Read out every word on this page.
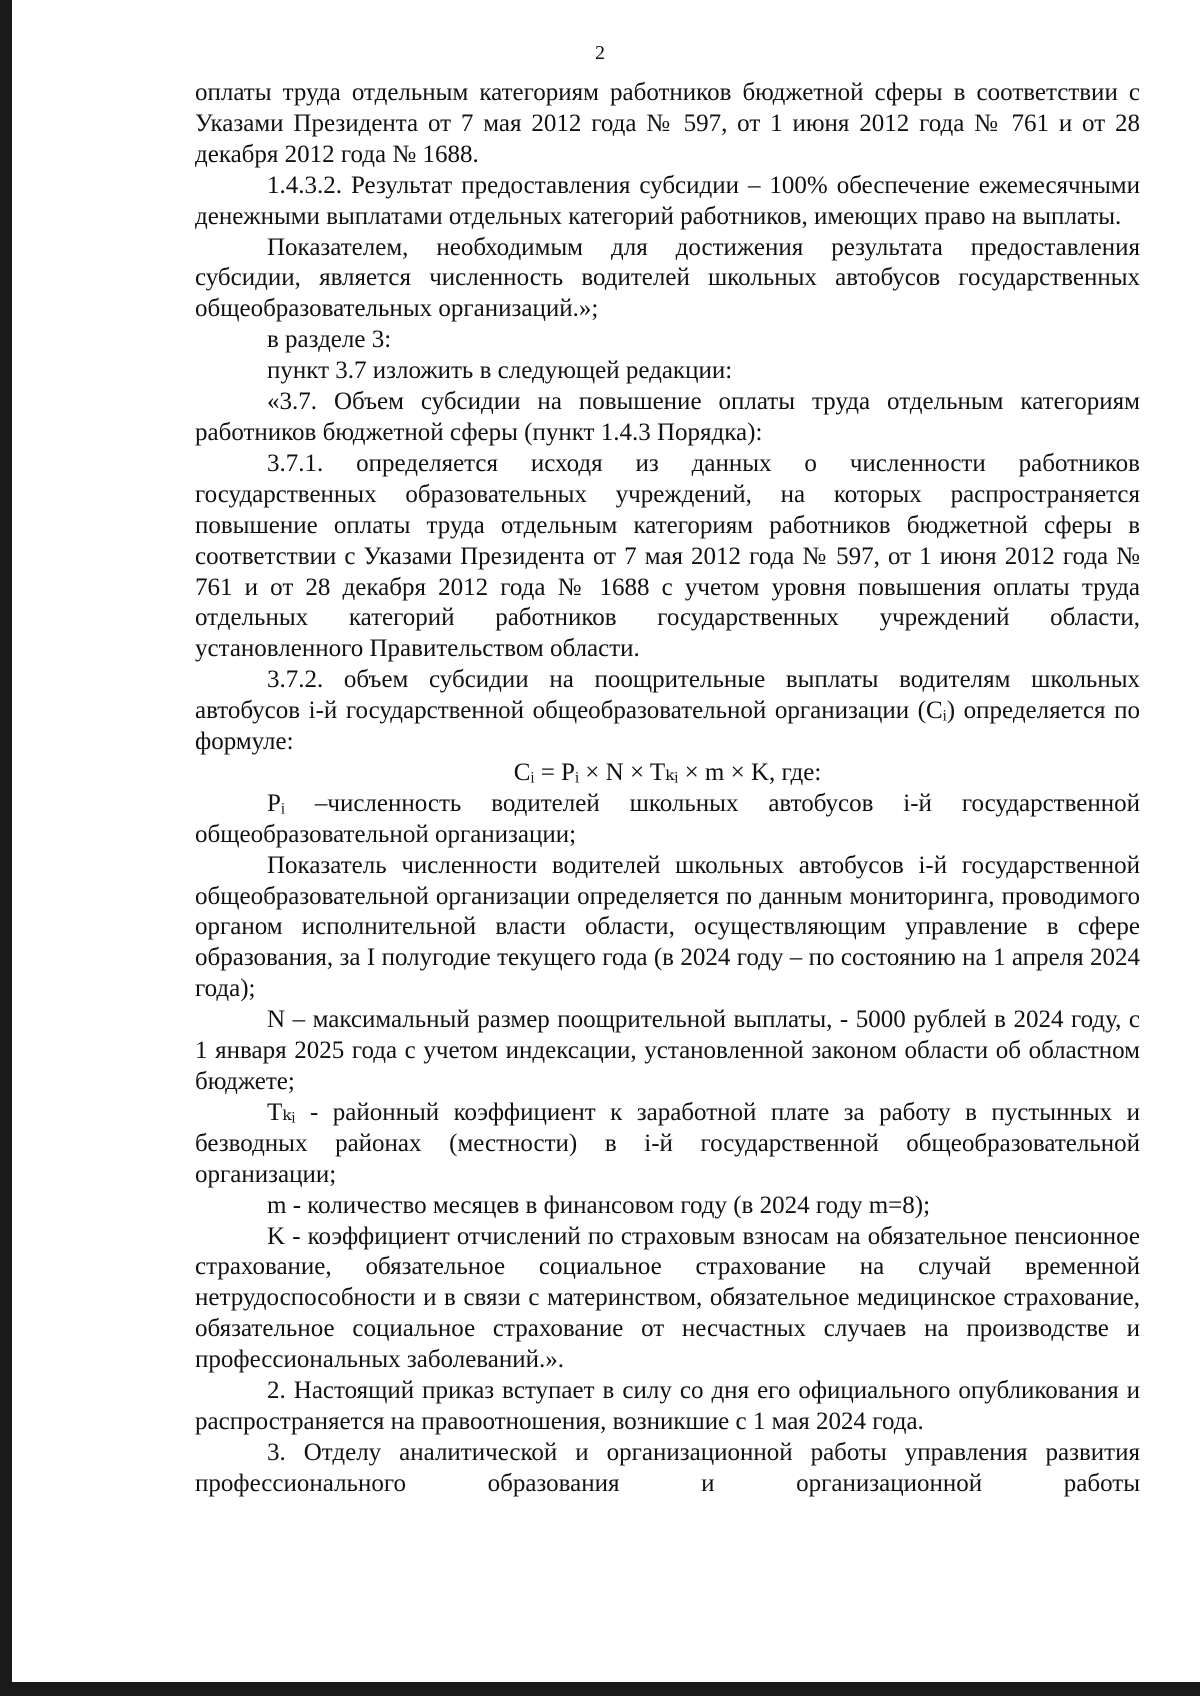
2

оплаты труда отдельным категориям работников бюджетной сферы в соответствии с Указами Президента от 7 мая 2012 года № 597, от 1 июня 2012 года № 761 и от 28 декабря 2012 года № 1688.

1.4.3.2. Результат предоставления субсидии – 100% обеспечение ежемесячными денежными выплатами отдельных категорий работников, имеющих право на выплаты.

Показателем, необходимым для достижения результата предоставления субсидии, является численность водителей школьных автобусов государственных общеобразовательных организаций.»;

в разделе 3:

пункт 3.7 изложить в следующей редакции:

«3.7. Объем субсидии на повышение оплаты труда отдельным категориям работников бюджетной сферы (пункт 1.4.3 Порядка):

3.7.1. определяется исходя из данных о численности работников государственных образовательных учреждений, на которых распространяется повышение оплаты труда отдельным категориям работников бюджетной сферы в соответствии с Указами Президента от 7 мая 2012 года № 597, от 1 июня 2012 года № 761 и от 28 декабря 2012 года № 1688 с учетом уровня повышения оплаты труда отдельных категорий работников государственных учреждений области, установленного Правительством области.

3.7.2. объем субсидии на поощрительные выплаты водителям школьных автобусов i-й государственной общеобразовательной организации (Cᵢ) определяется по формуле:

Cᵢ = Pᵢ × N × Tₖᵢ × m × K, где:

Pᵢ –численность водителей школьных автобусов i-й государственной общеобразовательной организации;

Показатель численности водителей школьных автобусов i-й государственной общеобразовательной организации определяется по данным мониторинга, проводимого органом исполнительной власти области, осуществляющим управление в сфере образования, за I полугодие текущего года (в 2024 году – по состоянию на 1 апреля 2024 года);

N – максимальный размер поощрительной выплаты, - 5000 рублей в 2024 году, с 1 января 2025 года с учетом индексации, установленной законом области об областном бюджете;

Tₖᵢ - районный коэффициент к заработной плате за работу в пустынных и безводных районах (местности) в i-й государственной общеобразовательной организации;

m - количество месяцев в финансовом году (в 2024 году m=8);

K - коэффициент отчислений по страховым взносам на обязательное пенсионное страхование, обязательное социальное страхование на случай временной нетрудоспособности и в связи с материнством, обязательное медицинское страхование, обязательное социальное страхование от несчастных случаев на производстве и профессиональных заболеваний.».

2. Настоящий приказ вступает в силу со дня его официального опубликования и распространяется на правоотношения, возникшие с 1 мая 2024 года.

3. Отделу аналитической и организационной работы управления развития профессионального образования и организационной работы
